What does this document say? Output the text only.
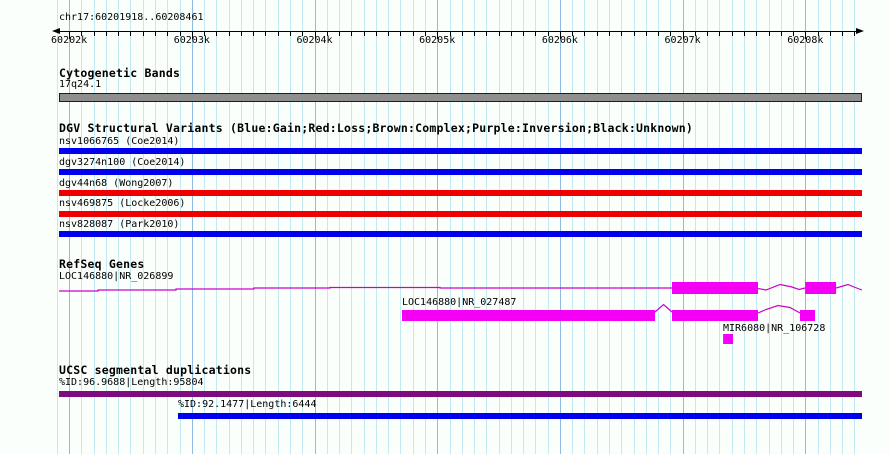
chr17:60201918..60208461
60202k	60203k	60204k	60205k	60206k	60207k	60208k
Cytogenetic Bands
17q24.1
DGV Structural Variants (Blue:Gain;Red:Loss;Brown:Complex;Purple:Inversion;Black:Unknown)
nsv1066765 (Coe2014)
dgv3274n100 (Coe2014)
dgv44n68 (Wong2007)
nsv469875 (Locke2006)
nsv828087 (Park2010)
RefSeq Genes
LOC146880|NR_026899
LOC146880|NR_027487
MIR6080|NR_106728
UCSC segmental duplications
%ID:96.9688|Length:95804
%ID:92.1477|Length:6444
